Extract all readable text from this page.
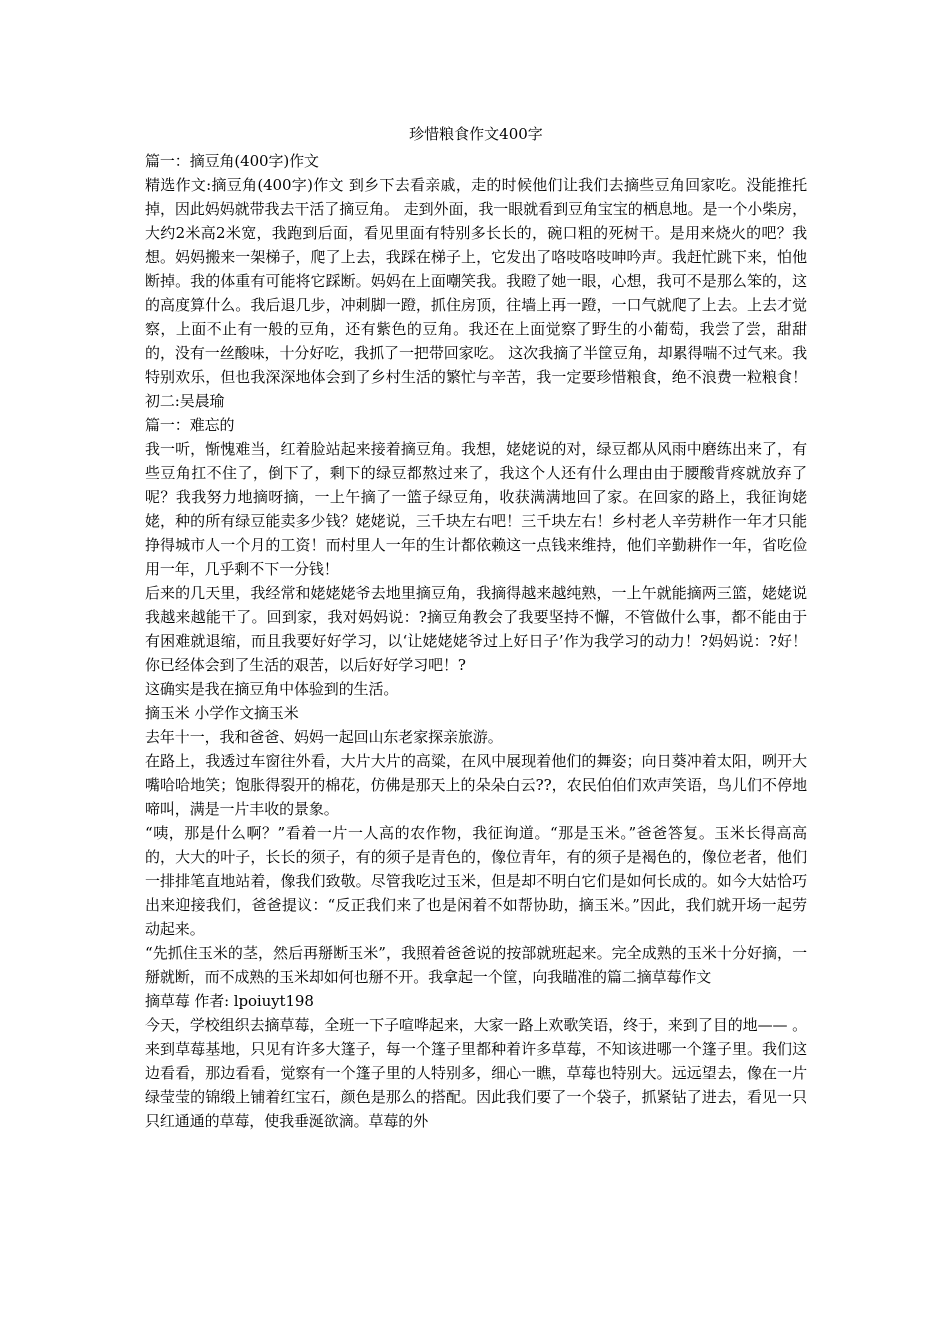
珍惜粮食作文400字

篇一：摘豆角(400字)作文

精选作文:摘豆角(400字)作文 到乡下去看亲戚，走的时候他们让我们去摘些豆角回家吃。没能推托掉，因此妈妈就带我去干活了摘豆角。 走到外面，我一眼就看到豆角宝宝的栖息地。是一个小柴房，大约2米高2米宽，我跑到后面，看见里面有特别多长长的，碗口粗的死树干。是用来烧火的吧？我想。妈妈搬来一架梯子，爬了上去，我踩在梯子上，它发出了咯吱咯吱呻吟声。我赶忙跳下来，怕他断掉。我的体重有可能将它踩断。妈妈在上面嘲笑我。我瞪了她一眼，心想，我可不是那么笨的，这的高度算什么。我后退几步，冲刺脚一蹬，抓住房顶，往墙上再一蹬，一口气就爬了上去。上去才觉察，上面不止有一般的豆角，还有紫色的豆角。我还在上面觉察了野生的小葡萄，我尝了尝，甜甜的，没有一丝酸味，十分好吃，我抓了一把带回家吃。 这次我摘了半筐豆角，却累得喘不过气来。我特别欢乐，但也我深深地体会到了乡村生活的繁忙与辛苦，我一定要珍惜粮食，绝不浪费一粒粮食！初二:吴晨瑜

篇一：难忘的

我一听，惭愧难当，红着脸站起来接着摘豆角。我想，姥姥说的对，绿豆都从风雨中磨练出来了，有些豆角扛不住了，倒下了，剩下的绿豆都熬过来了，我这个人还有什么理由由于腰酸背疼就放弃了呢？我我努力地摘呀摘，一上午摘了一篮子绿豆角，收获满满地回了家。在回家的路上，我征询姥姥，种的所有绿豆能卖多少钱？姥姥说，三千块左右吧！三千块左右！乡村老人辛劳耕作一年才只能挣得城市人一个月的工资！而村里人一年的生计都依赖这一点钱来维持，他们辛勤耕作一年，省吃俭用一年，几乎剩不下一分钱！

后来的几天里，我经常和姥姥姥爷去地里摘豆角，我摘得越来越纯熟，一上午就能摘两三篮，姥姥说我越来越能干了。回到家，我对妈妈说：?摘豆角教会了我要坚持不懈，不管做什么事，都不能由于有困难就退缩，而且我要好好学习，以‘让姥姥姥爷过上好日子’作为我学习的动力！?妈妈说：?好！你已经体会到了生活的艰苦，以后好好学习吧！?

这确实是我在摘豆角中体验到的生活。

摘玉米 小学作文摘玉米

去年十一，我和爸爸、妈妈一起回山东老家探亲旅游。

在路上，我透过车窗往外看，大片大片的高粱，在风中展现着他们的舞姿；向日葵冲着太阳，咧开大嘴哈哈地笑；饱胀得裂开的棉花，仿佛是那天上的朵朵白云??，农民伯伯们欢声笑语，鸟儿们不停地啼叫，满是一片丰收的景象。

“咦，那是什么啊？”看着一片一人高的农作物，我征询道。“那是玉米。”爸爸答复。玉米长得高高的，大大的叶子，长长的须子，有的须子是青色的，像位青年，有的须子是褐色的，像位老者，他们一排排笔直地站着，像我们致敬。尽管我吃过玉米，但是却不明白它们是如何长成的。如今大姑恰巧出来迎接我们，爸爸提议：“反正我们来了也是闲着不如帮协助，摘玉米。”因此，我们就开场一起劳动起来。

“先抓住玉米的茎，然后再掰断玉米”，我照着爸爸说的按部就班起来。完全成熟的玉米十分好摘，一掰就断，而不成熟的玉米却如何也掰不开。我拿起一个筐，向我瞄准的篇二摘草莓作文

摘草莓 作者: lpoiuyt198

今天，学校组织去摘草莓，全班一下子喧哗起来，大家一路上欢歌笑语，终于，来到了目的地—— 。来到草莓基地，只见有许多大篷子，每一个篷子里都种着许多草莓，不知该进哪一个篷子里。我们这边看看，那边看看，觉察有一个篷子里的人特别多，细心一瞧，草莓也特别大。远远望去，像在一片绿莹莹的锦缎上铺着红宝石，颜色是那么的搭配。因此我们要了一个袋子，抓紧钻了进去，看见一只只红通通的草莓，使我垂涎欲滴。草莓的外
